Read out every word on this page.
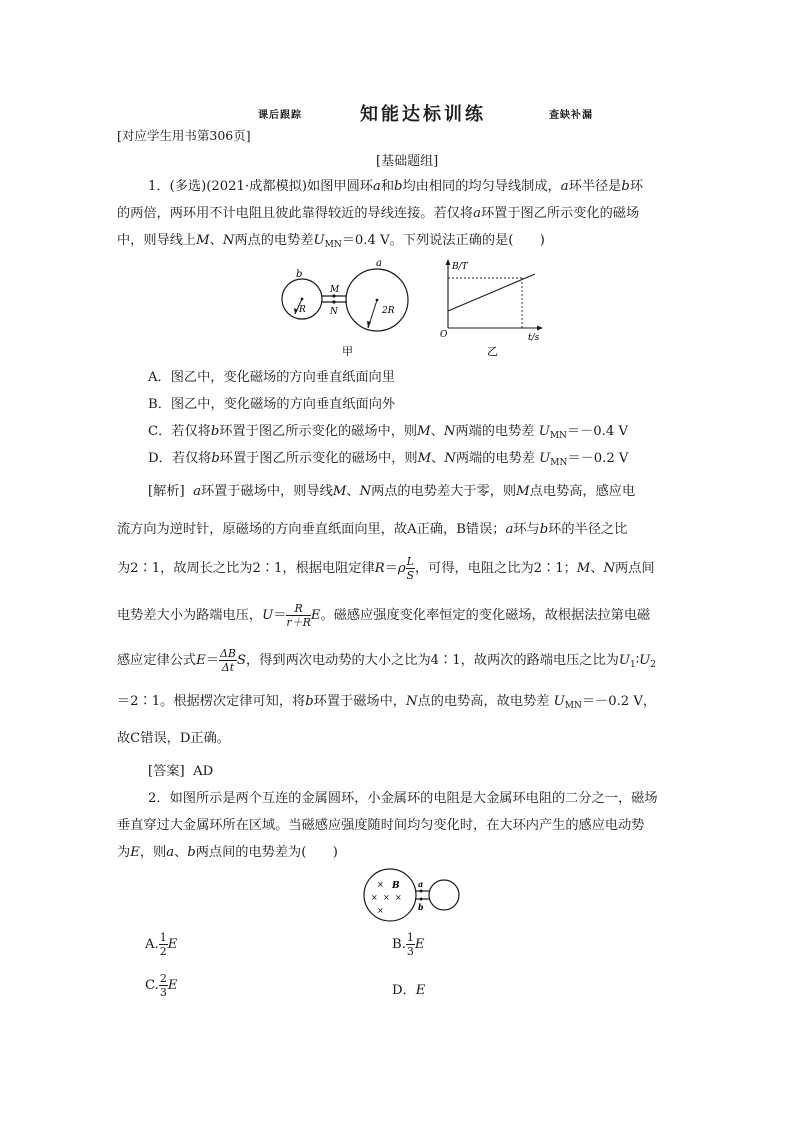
课后跟踪	知能达标训练	查缺补漏
[对应学生用书第306页]
[基础题组]
1．(多选)(2021·成都模拟)如图甲圆环a和b均由相同的均匀导线制成，a环半径是b环
的两倍，两环用不计电阻且彼此靠得较近的导线连接。若仅将a环置于图乙所示变化的磁场
中，则导线上M、N两点的电势差$U_{MN}=0.4$ V。下列说法正确的是(　　)
b
a
R	2R
M
N
甲
B/T
t/s
O
乙
A．图乙中，变化磁场的方向垂直纸面向里
B．图乙中，变化磁场的方向垂直纸面向外
C．若仅将b环置于图乙所示变化的磁场中，则M、N两端的电势差 $U_{MN}=-0.4$ V
D．若仅将b环置于图乙所示变化的磁场中，则M、N两端的电势差 $U_{MN}=-0.2$ V
[解析] a环置于磁场中，则导线M、N两点的电势差大于零，则M点电势高，感应电
流方向为逆时针，原磁场的方向垂直纸面向里，故A正确，B错误；a环与b环的半径之比
为2∶1，故周长之比为2∶1，根据电阻定律$R=\rho \frac{L}{S}$ ，可得，电阻之比为2∶1；M、N两点间
电势差大小为路端电压，$U= \frac{R}{r+R}$ E。磁感应强度变化率恒定的变化磁场，故根据法拉第电磁
感应定律公式$E= \frac{\Delta B}{\Delta t}$ S，得到两次电动势的大小之比为4∶1，故两次的路端电压之比为$U_1∶U_2$
＝2∶1。根据楞次定律可知，将b环置于磁场中，N点的电势高，故电势差 $U_{MN}=-0.2$ V，
故C错误，D正确。
[答案] AD
2．如图所示是两个互连的金属圆环，小金属环的电阻是大金属环电阻的二分之一，磁场
垂直穿过大金属环所在区域。当磁感应强度随时间均匀变化时，在大环内产生的感应电动势
为E，则a、b两点间的电势差为(　　)
× B
× × ×
×
a
b
A. $\frac{1}{2}$ E	B. $\frac{1}{3}$ E
C. $\frac{2}{3}$ E	D．E
